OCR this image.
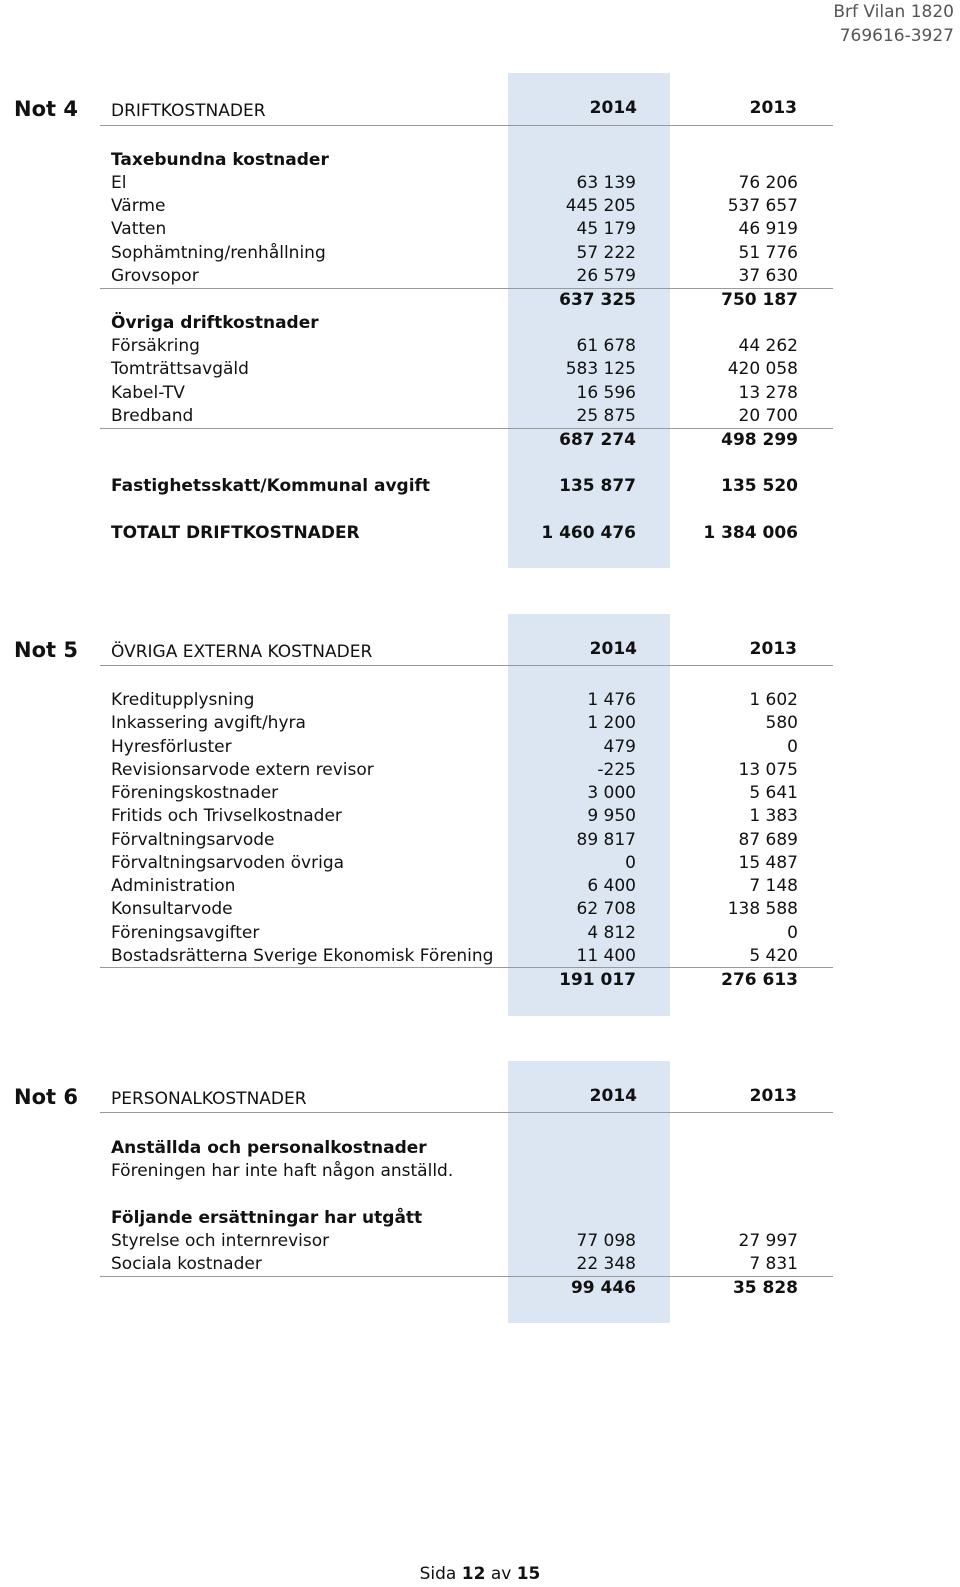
Brf Vilan 1820
769616-3927
Not 4 DRIFTKOSTNADER	2014	2013
Taxebundna kostnader
El	63 139	76 206
Värme	445 205	537 657
Vatten	45 179	46 919
Sophämtning/renhållning	57 222	51 776
Grovsopor	26 579	37 630
637 325	750 187
Övriga driftkostnader
Försäkring	61 678	44 262
Tomträttsavgäld	583 125	420 058
Kabel-TV	16 596	13 278
Bredband	25 875	20 700
687 274	498 299
Fastighetsskatt/Kommunal avgift	135 877	135 520
TOTALT DRIFTKOSTNADER	1 460 476	1 384 006
Not 5 ÖVRIGA EXTERNA KOSTNADER	2014	2013
Kreditupplysning	1 476	1 602
Inkassering avgift/hyra	1 200	580
Hyresförluster	479	0
Revisionsarvode extern revisor	-225	13 075
Föreningskostnader	3 000	5 641
Fritids och Trivselkostnader	9 950	1 383
Förvaltningsarvode	89 817	87 689
Förvaltningsarvoden övriga	0	15 487
Administration	6 400	7 148
Konsultarvode	62 708	138 588
Föreningsavgifter	4 812	0
Bostadsrätterna Sverige Ekonomisk Förening	11 400	5 420
191 017	276 613
Not 6 PERSONALKOSTNADER	2014	2013
Anställda och personalkostnader
Föreningen har inte haft någon anställd.
Följande ersättningar har utgått
Styrelse och internrevisor	77 098	27 997
Sociala kostnader	22 348	7 831
99 446	35 828
Sida 12 av 15
